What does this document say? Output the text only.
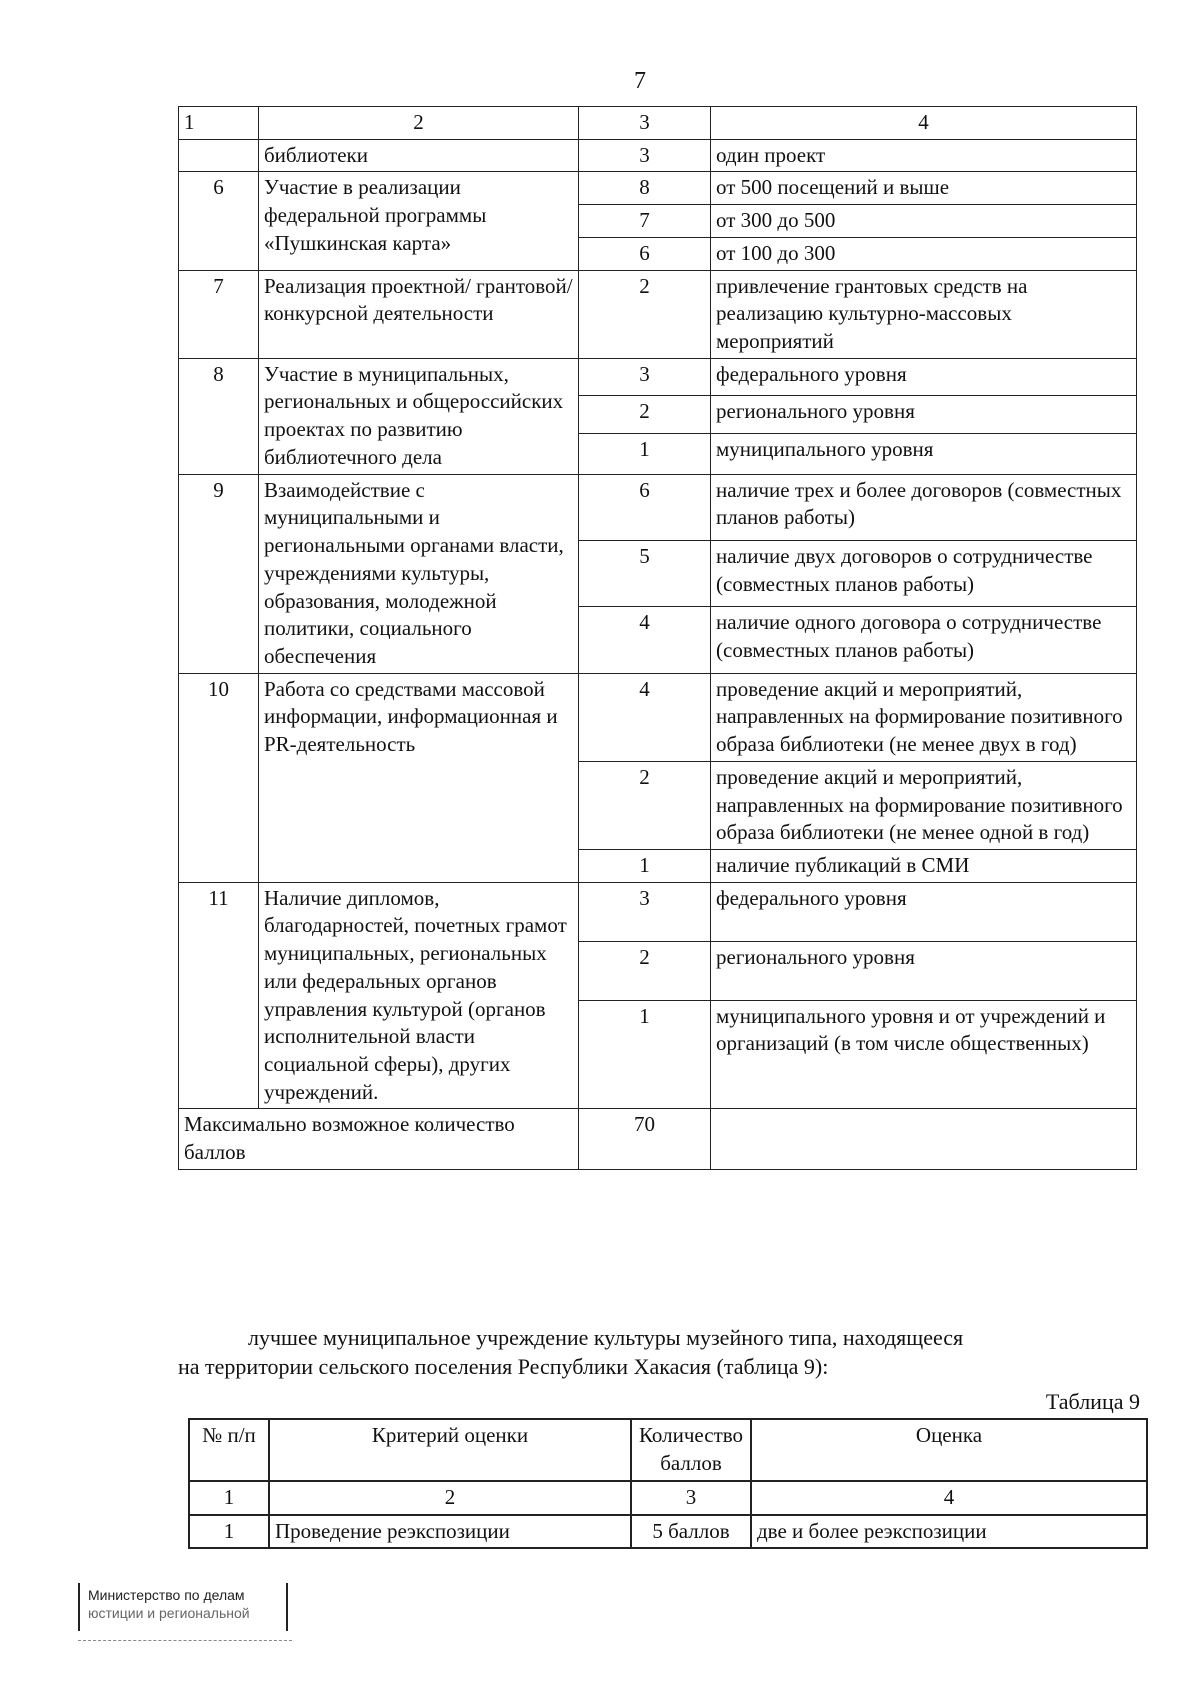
7
1	2	3	4
	библиотеки	3	один проект
6	Участие в реализации федеральной программы «Пушкинская карта»	8	от 500 посещений и выше
		7	от 300 до 500
		6	от 100 до 300
7	Реализация проектной/ грантовой/конкурсной деятельности	2	привлечение грантовых средств на реализацию культурно-массовых мероприятий
8	Участие в муниципальных, региональных и общероссийских проектах по развитию библиотечного дела	3	федерального уровня
		2	регионального уровня
		1	муниципального уровня
9	Взаимодействие с муниципальными и региональными органами власти, учреждениями культуры, образования, молодежной политики, социального обеспечения	6	наличие трех и более договоров (совместных планов работы)
		5	наличие двух договоров о сотрудничестве (совместных планов работы)
		4	наличие одного договора о сотрудничестве (совместных планов работы)
10	Работа со средствами массовой информации, информационная и PR-деятельность	4	проведение акций и мероприятий, направленных на формирование позитивного образа библиотеки (не менее двух в год)
		2	проведение акций и мероприятий, направленных на формирование позитивного образа библиотеки (не менее одной в год)
		1	наличие публикаций в СМИ
11	Наличие дипломов, благодарностей, почетных грамот муниципальных, региональных или федеральных органов управления культурой (органов исполнительной власти социальной сферы), других учреждений.	3	федерального уровня
		2	регионального уровня
		1	муниципального уровня и от учреждений и организаций (в том числе общественных)
Максимально возможное количество баллов		70	
лучшее муниципальное учреждение культуры музейного типа, находящееся
на территории сельского поселения Республики Хакасия (таблица 9):
Таблица 9
№ п/п	Критерий оценки	Количество баллов	Оценка
1	2	3	4
1	Проведение реэкспозиции	5 баллов	две и более реэкспозиции
Министерство по делам
юстиции и региональной
